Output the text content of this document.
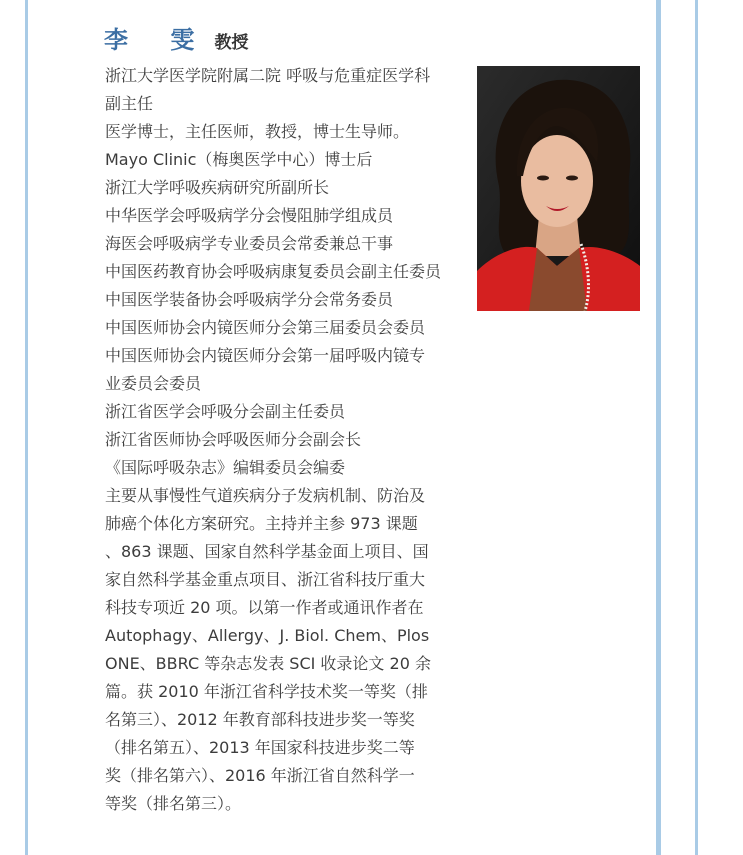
李 雯 教授
浙江大学医学院附属二院 呼吸与危重症医学科
副主任
医学博士，主任医师，教授，博士生导师。
Mayo Clinic（梅奥医学中心）博士后
浙江大学呼吸疾病研究所副所长
中华医学会呼吸病学分会慢阻肺学组成员
海医会呼吸病学专业委员会常委兼总干事
中国医药教育协会呼吸病康复委员会副主任委员
中国医学装备协会呼吸病学分会常务委员
中国医师协会内镜医师分会第三届委员会委员
中国医师协会内镜医师分会第一届呼吸内镜专
业委员会委员
浙江省医学会呼吸分会副主任委员
浙江省医师协会呼吸医师分会副会长
《国际呼吸杂志》编辑委员会编委
主要从事慢性气道疾病分子发病机制、防治及
肺癌个体化方案研究。主持并主参 973 课题
、863 课题、国家自然科学基金面上项目、国
家自然科学基金重点项目、浙江省科技厅重大
科技专项近 20 项。以第一作者或通讯作者在
Autophagy、Allergy、J. Biol. Chem、Plos
ONE、BBRC 等杂志发表 SCI 收录论文 20 余
篇。获 2010 年浙江省科学技术奖一等奖（排
名第三）、2012 年教育部科技进步奖一等奖
（排名第五）、2013 年国家科技进步奖二等
奖（排名第六）、2016 年浙江省自然科学一
等奖（排名第三）。
